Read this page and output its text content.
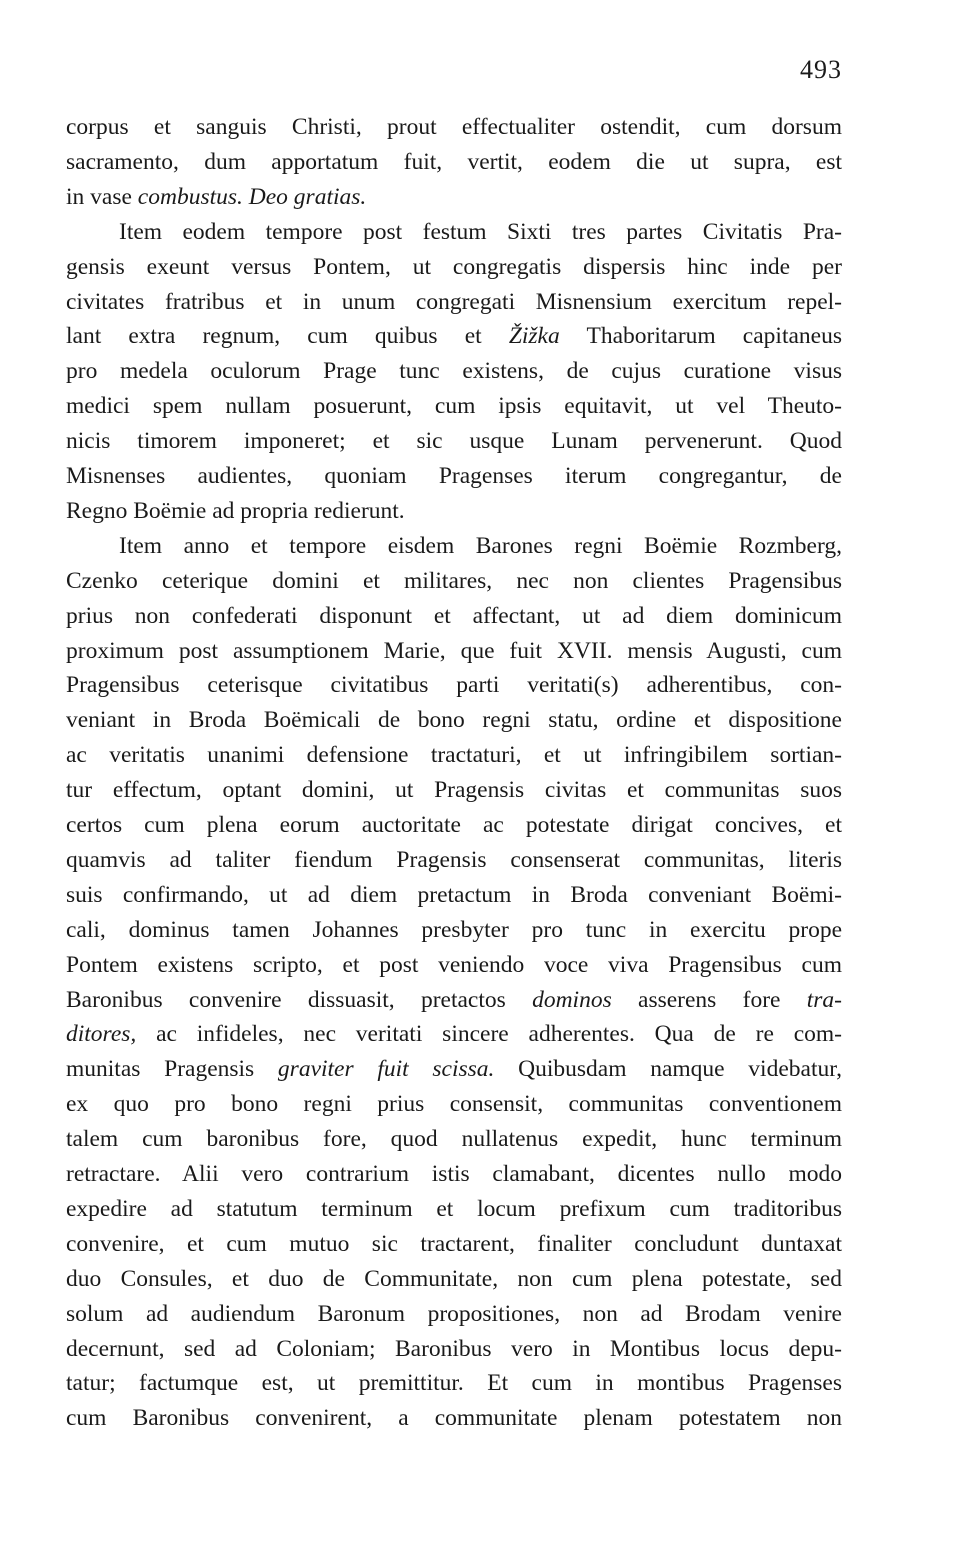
493
corpus et sanguis Christi, prout effectualiter ostendit, cum dorsum
sacramento, dum apportatum fuit, vertit, eodem die ut supra, est
in vase combustus. Deo gratias.
Item eodem tempore post festum Sixti tres partes Civitatis Pra-
gensis exeunt versus Pontem, ut congregatis dispersis hinc inde per
civitates fratribus et in unum congregati Misnensium exercitum repel-
lant extra regnum, cum quibus et Žižka Thaboritarum capitaneus
pro medela oculorum Prage tunc existens, de cujus curatione visus
medici spem nullam posuerunt, cum ipsis equitavit, ut vel Theuto-
nicis timorem imponeret; et sic usque Lunam pervenerunt. Quod
Misnenses audientes, quoniam Pragenses iterum congregantur, de
Regno Boëmie ad propria redierunt.
Item anno et tempore eisdem Barones regni Boëmie Rozmberg,
Czenko ceterique domini et militares, nec non clientes Pragensibus
prius non confederati disponunt et affectant, ut ad diem dominicum
proximum post assumptionem Marie, que fuit XVII. mensis Augusti, cum
Pragensibus ceterisque civitatibus parti veritati(s) adherentibus, con-
veniant in Broda Boëmicali de bono regni statu, ordine et dispositione
ac veritatis unanimi defensione tractaturi, et ut infringibilem sortian-
tur effectum, optant domini, ut Pragensis civitas et communitas suos
certos cum plena eorum auctoritate ac potestate dirigat concives, et
quamvis ad taliter fiendum Pragensis consenserat communitas, literis
suis confirmando, ut ad diem pretactum in Broda conveniant Boëmi-
cali, dominus tamen Johannes presbyter pro tunc in exercitu prope
Pontem existens scripto, et post veniendo voce viva Pragensibus cum
Baronibus convenire dissuasit, pretactos dominos asserens fore tra-
ditores, ac infideles, nec veritati sincere adherentes. Qua de re com-
munitas Pragensis graviter fuit scissa. Quibusdam namque videbatur,
ex quo pro bono regni prius consensit, communitas conventionem
talem cum baronibus fore, quod nullatenus expedit, hunc terminum
retractare. Alii vero contrarium istis clamabant, dicentes nullo modo
expedire ad statutum terminum et locum prefixum cum traditoribus
convenire, et cum mutuo sic tractarent, finaliter concludunt duntaxat
duo Consules, et duo de Communitate, non cum plena potestate, sed
solum ad audiendum Baronum propositiones, non ad Brodam venire
decernunt, sed ad Coloniam; Baronibus vero in Montibus locus depu-
tatur; factumque est, ut premittitur. Et cum in montibus Pragenses
cum Baronibus convenirent, a communitate plenam potestatem non
